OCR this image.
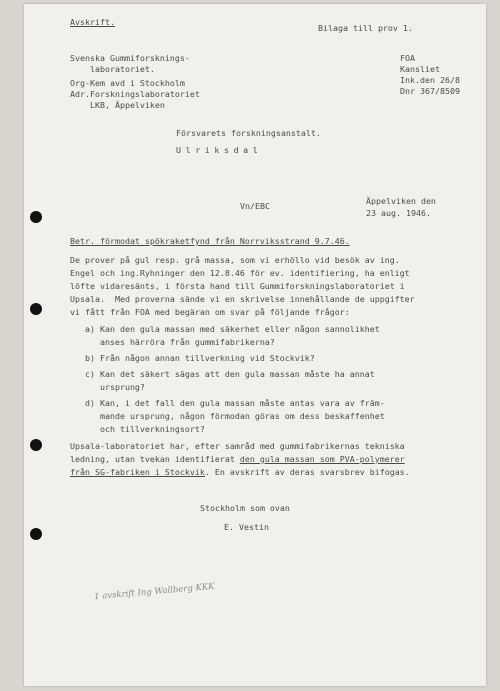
Avskrift.
Bilaga till prov 1.
Svenska Gummiforsknings-
laboratoriet.
Org-Kem avd i Stockholm
Adr.Forskningslaboratoriet
LKB, Äppelviken
FOA
Kansliet
Ink.den 26/8
Dnr 367/8509
Försvarets forskningsanstalt.
Ulriksdal
Vn/EBC	Äppelviken den
23 aug. 1946.
Betr. förmodat spökraketfynd från Norrviksstrand 9.7.46.
De prover på gul resp. grå massa, som vi erhöllo vid besök av ing.
Engel och ing.Ryhninger den 12.8.46 för ev. identifiering, ha enligt
löfte vidaresänts, i första hand till Gummiforskningslaboratoriet i
Upsala.  Med proverna sände vi en skrivelse innehållande de uppgifter
vi fått från FOA med begäran om svar på följande frågor:
a) Kan den gula massan med säkerhet eller någon sannolikhet
anses härröra från gummifabrikerna?
b) Från någon annan tillverkning vid Stockvik?
c) Kan det säkert sägas att den gula massan måste ha annat
ursprung?
d) Kan, i det fall den gula massan måste antas vara av främ-
mande ursprung, någon förmodan göras om dess beskaffenhet
och tillverkningsort?
Upsala-laboratoriet har, efter samråd med gummifabrikernas tekniska
ledning, utan tvekan identifierat den gula massan som PVA-polymerer
från SG-fabriken i Stockvik. En avskrift av deras svarsbrev bifogas.
Stockholm som ovan
E. Vestin
1 avskrift Ing Wallberg KKK
